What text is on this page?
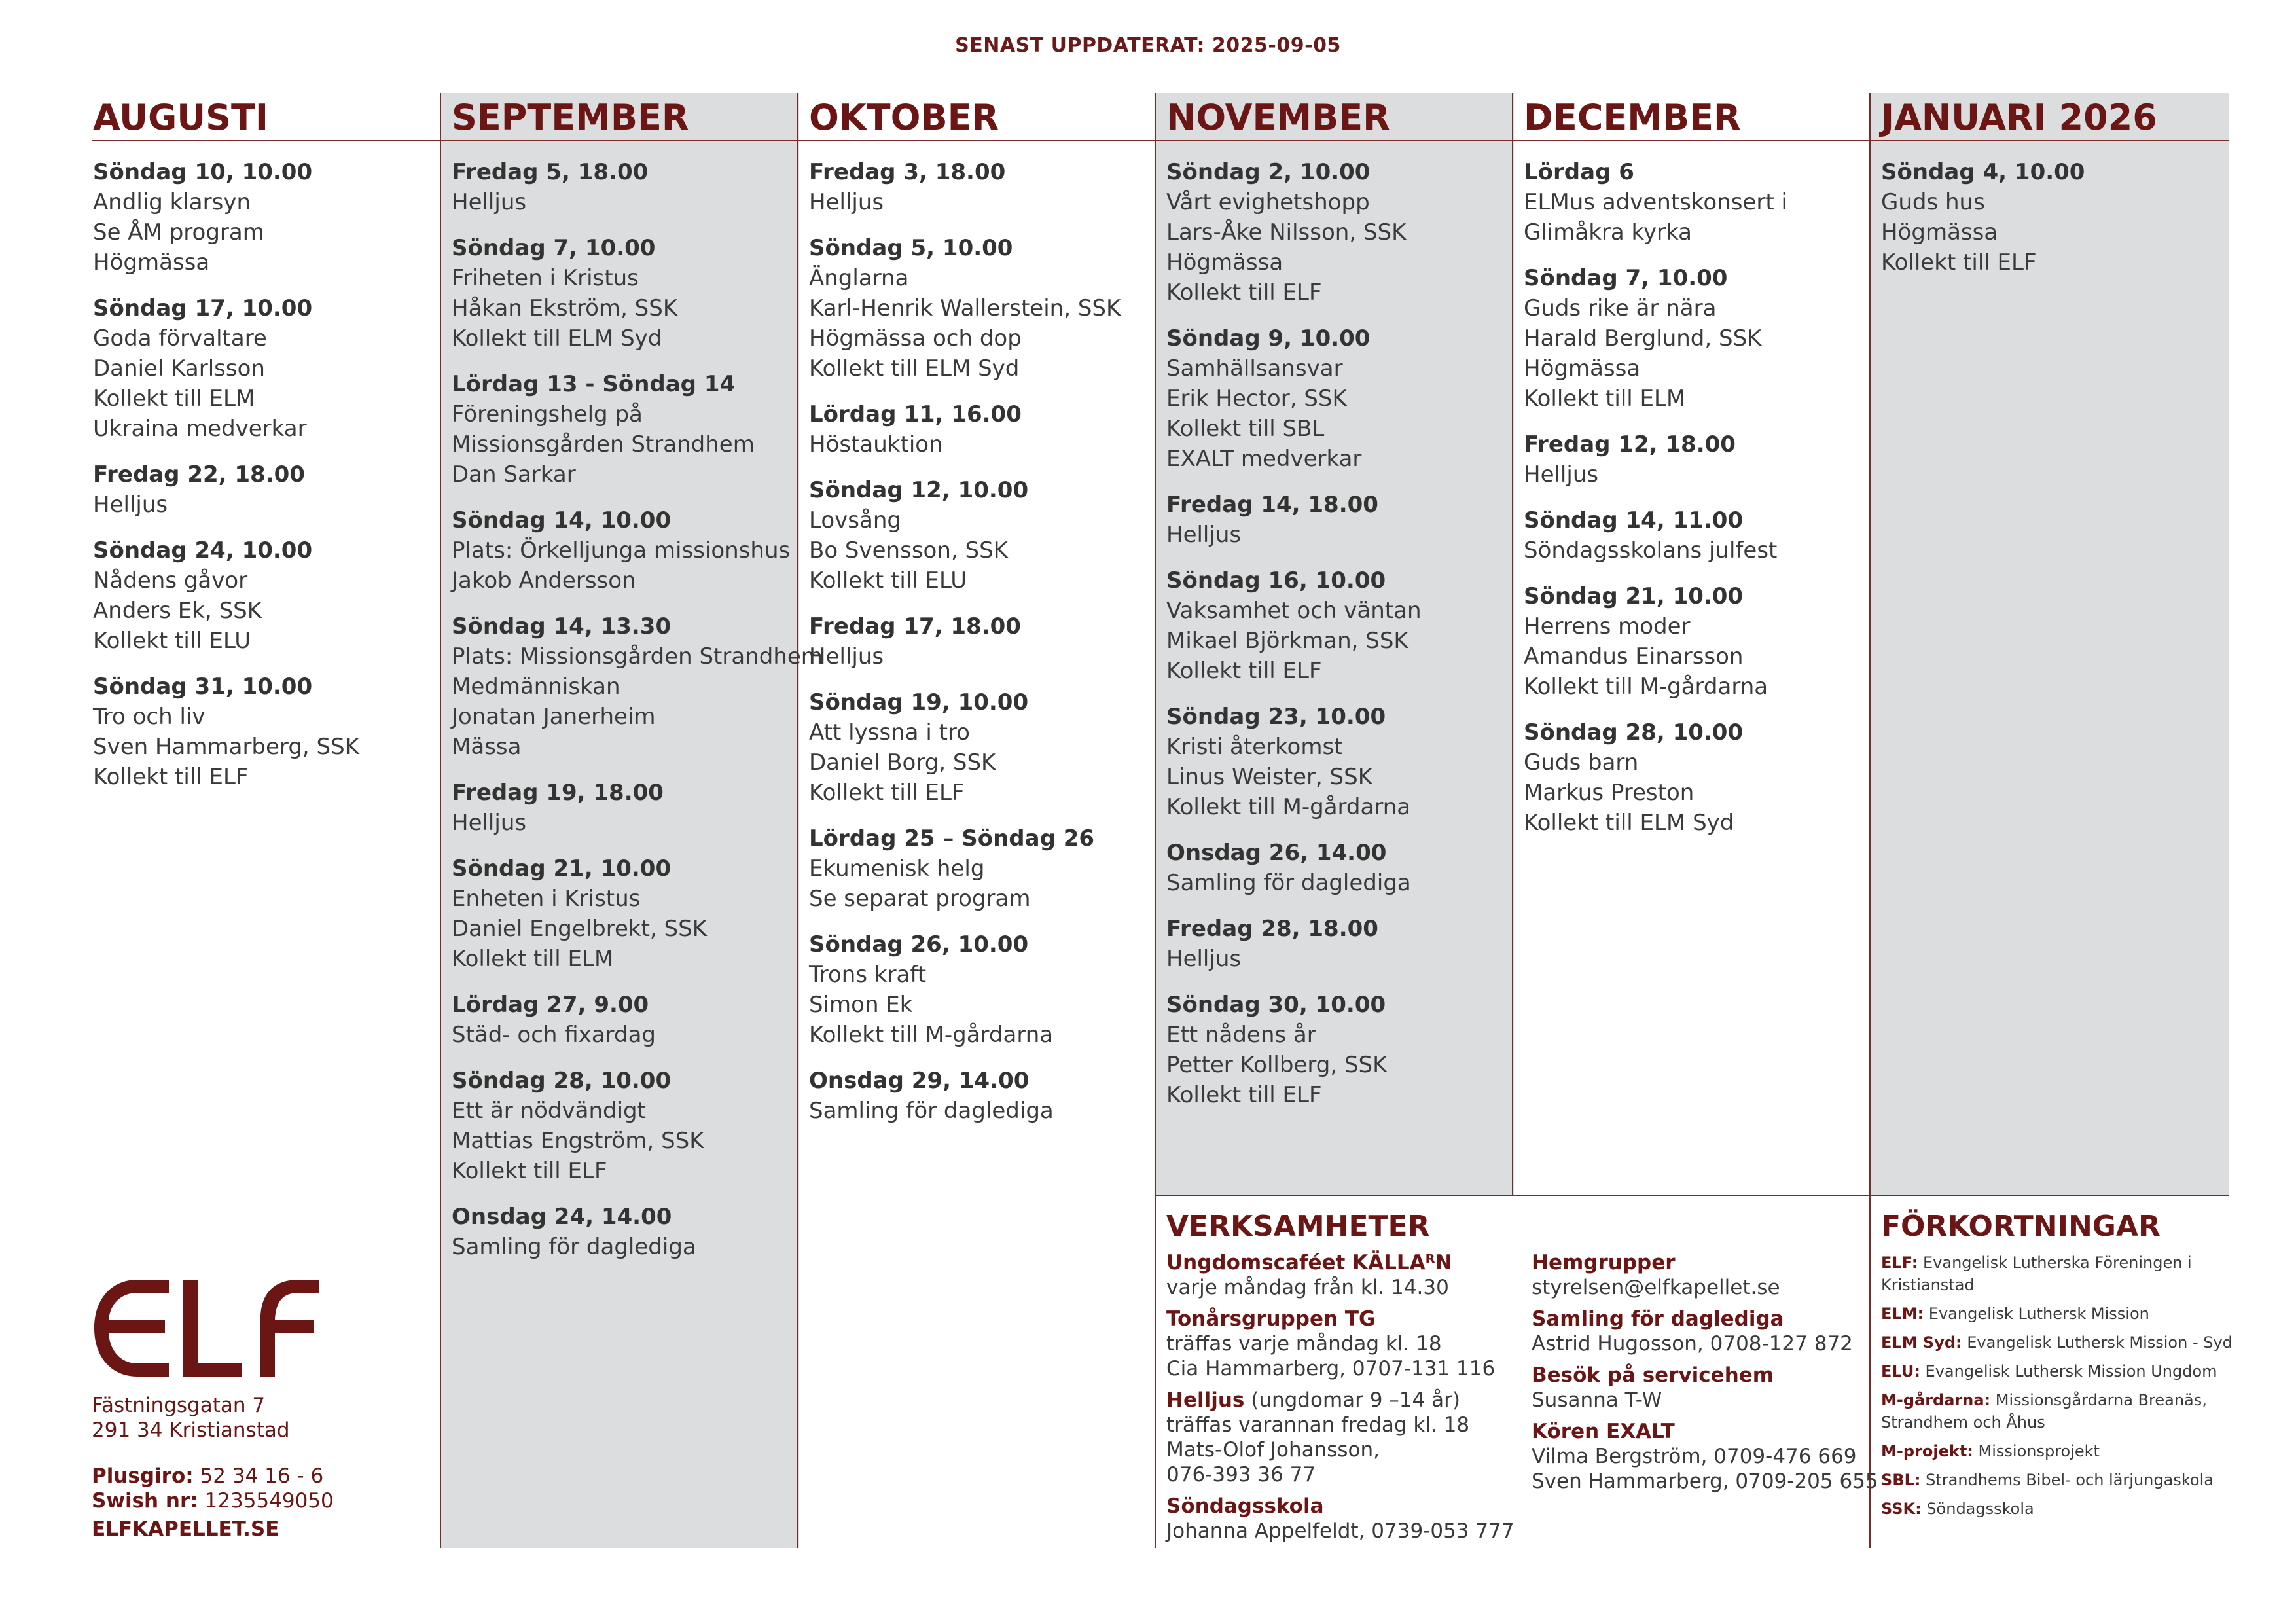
SENAST UPPDATERAT: 2025-09-05
AUGUSTI	SEPTEMBER	OKTOBER	NOVEMBER	DECEMBER	JANUARI 2026
Söndag 10, 10.00
Andlig klarsyn
Se ÅM program
Högmässa
Söndag 17, 10.00
Goda förvaltare
Daniel Karlsson
Kollekt till ELM
Ukraina medverkar
Fredag 22, 18.00
Helljus
Söndag 24, 10.00
Nådens gåvor
Anders Ek, SSK
Kollekt till ELU
Söndag 31, 10.00
Tro och liv
Sven Hammarberg, SSK
Kollekt till ELF
Fredag 5, 18.00
Helljus
Söndag 7, 10.00
Friheten i Kristus
Håkan Ekström, SSK
Kollekt till ELM Syd
Lördag 13 - Söndag 14
Föreningshelg på
Missionsgården Strandhem
Dan Sarkar
Söndag 14, 10.00
Plats: Örkelljunga missionshus
Jakob Andersson
Söndag 14, 13.30
Plats: Missionsgården Strandhem
Medmänniskan
Jonatan Janerheim
Mässa
Fredag 19, 18.00
Helljus
Söndag 21, 10.00
Enheten i Kristus
Daniel Engelbrekt, SSK
Kollekt till ELM
Lördag 27, 9.00
Städ- och fixardag
Söndag 28, 10.00
Ett är nödvändigt
Mattias Engström, SSK
Kollekt till ELF
Onsdag 24, 14.00
Samling för daglediga
Fredag 3, 18.00
Helljus
Söndag 5, 10.00
Änglarna
Karl-Henrik Wallerstein, SSK
Högmässa och dop
Kollekt till ELM Syd
Lördag 11, 16.00
Höstauktion
Söndag 12, 10.00
Lovsång
Bo Svensson, SSK
Kollekt till ELU
Fredag 17, 18.00
Helljus
Söndag 19, 10.00
Att lyssna i tro
Daniel Borg, SSK
Kollekt till ELF
Lördag 25 – Söndag 26
Ekumenisk helg
Se separat program
Söndag 26, 10.00
Trons kraft
Simon Ek
Kollekt till M-gårdarna
Onsdag 29, 14.00
Samling för daglediga
Söndag 2, 10.00
Vårt evighetshopp
Lars-Åke Nilsson, SSK
Högmässa
Kollekt till ELF
Söndag 9, 10.00
Samhällsansvar
Erik Hector, SSK
Kollekt till SBL
EXALT medverkar
Fredag 14, 18.00
Helljus
Söndag 16, 10.00
Vaksamhet och väntan
Mikael Björkman, SSK
Kollekt till ELF
Söndag 23, 10.00
Kristi återkomst
Linus Weister, SSK
Kollekt till M-gårdarna
Onsdag 26, 14.00
Samling för daglediga
Fredag 28, 18.00
Helljus
Söndag 30, 10.00
Ett nådens år
Petter Kollberg, SSK
Kollekt till ELF
Lördag 6
ELMus adventskonsert i
Glimåkra kyrka
Söndag 7, 10.00
Guds rike är nära
Harald Berglund, SSK
Högmässa
Kollekt till ELM
Fredag 12, 18.00
Helljus
Söndag 14, 11.00
Söndagsskolans julfest
Söndag 21, 10.00
Herrens moder
Amandus Einarsson
Kollekt till M-gårdarna
Söndag 28, 10.00
Guds barn
Markus Preston
Kollekt till ELM Syd
Söndag 4, 10.00
Guds hus
Högmässa
Kollekt till ELF
VERKSAMHETER
Ungdomscaféet KÄLLAᴿN
varje måndag från kl. 14.30
Tonårsgruppen TG
träffas varje måndag kl. 18
Cia Hammarberg, 0707-131 116
Helljus (ungdomar 9 –14 år)
träffas varannan fredag kl. 18
Mats-Olof Johansson,
076-393 36 77
Söndagsskola
Johanna Appelfeldt, 0739-053 777
Hemgrupper
styrelsen@elfkapellet.se
Samling för daglediga
Astrid Hugosson, 0708-127 872
Besök på servicehem
Susanna T-W
Kören EXALT
Vilma Bergström, 0709-476 669
Sven Hammarberg, 0709-205 655
FÖRKORTNINGAR
ELF: Evangelisk Lutherska Föreningen i
Kristianstad
ELM: Evangelisk Luthersk Mission
ELM Syd: Evangelisk Luthersk Mission - Syd
ELU: Evangelisk Luthersk Mission Ungdom
M-gårdarna: Missionsgårdarna Breanäs,
Strandhem och Åhus
M-projekt: Missionsprojekt
SBL: Strandhems Bibel- och lärjungaskola
SSK: Söndagsskola
Fästningsgatan 7
291 34 Kristianstad
Plusgiro: 52 34 16 - 6
Swish nr: 1235549050
ELFKAPELLET.SE
